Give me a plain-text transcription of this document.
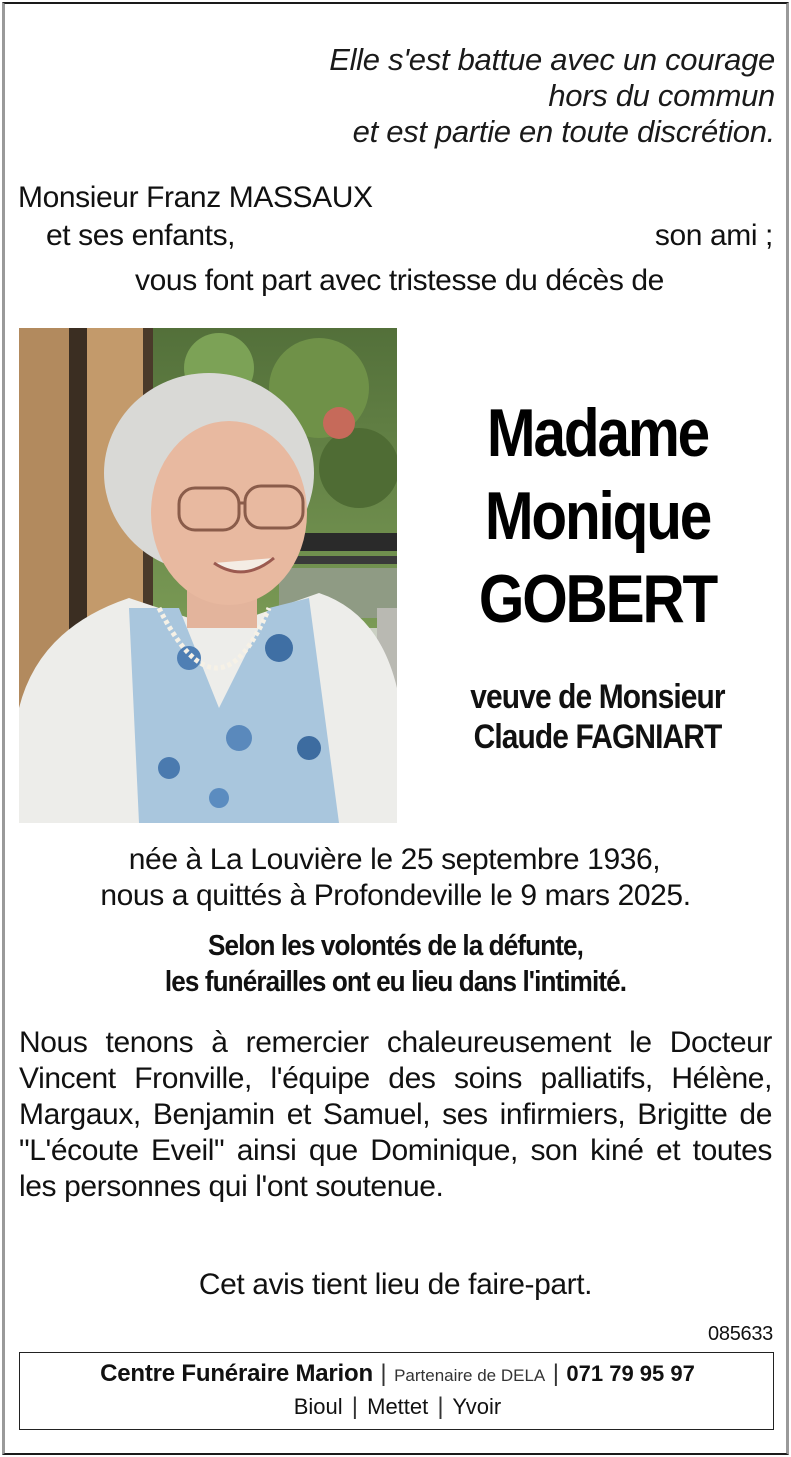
Elle s'est battue avec un courage
hors du commun
et est partie en toute discrétion.
Monsieur Franz MASSAUX
et ses enfants,	son ami ;
vous font part avec tristesse du décès de
Madame
Monique
GOBERT
veuve de Monsieur
Claude FAGNIART
née à La Louvière le 25 septembre 1936,
nous a quittés à Profondeville le 9 mars 2025.
Selon les volontés de la défunte,
les funérailles ont eu lieu dans l'intimité.
Nous tenons à remercier chaleureusement le Docteur Vincent Fronville, l'équipe des soins palliatifs, Hélène, Margaux, Benjamin et Samuel, ses infirmiers, Brigitte de "L'écoute Eveil" ainsi que Dominique, son kiné et toutes les personnes qui l'ont soutenue.
Cet avis tient lieu de faire-part.
085633
Centre Funéraire Marion | Partenaire de DELA | 071 79 95 97
Bioul | Mettet | Yvoir
